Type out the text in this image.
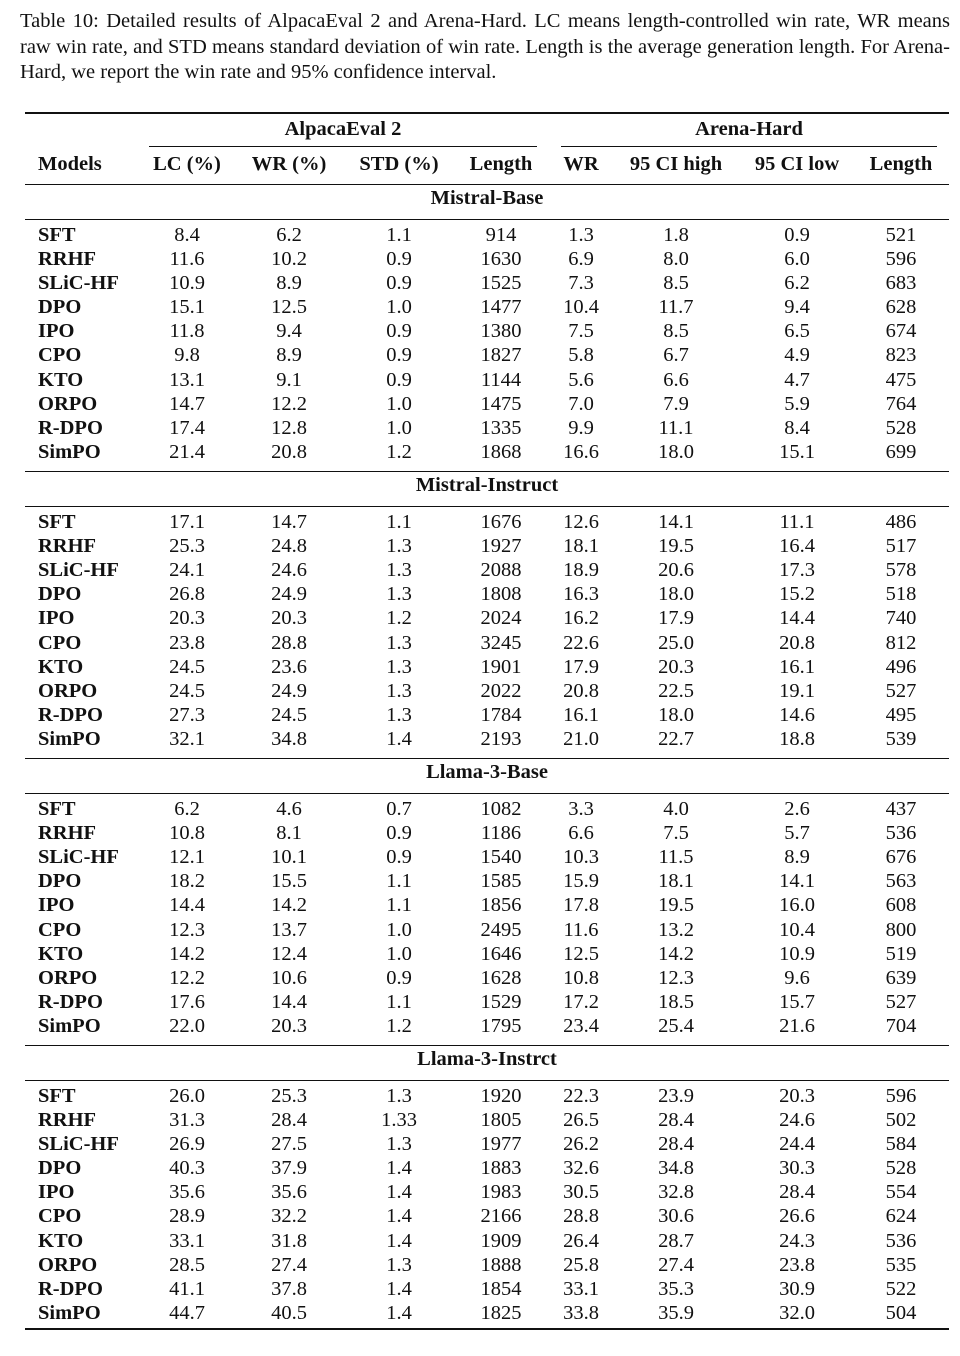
Table 10: Detailed results of AlpacaEval 2 and Arena-Hard. LC means length-controlled win rate, WR means raw win rate, and STD means standard deviation of win rate. Length is the average generation length. For Arena-Hard, we report the win rate and 95% confidence interval.

AlpacaEval 2	Arena-Hard
Models	LC (%)	WR (%)	STD (%)	Length	WR	95 CI high	95 CI low	Length
Mistral-Base
SFT	8.4	6.2	1.1	914	1.3	1.8	0.9	521
RRHF	11.6	10.2	0.9	1630	6.9	8.0	6.0	596
SLiC-HF	10.9	8.9	0.9	1525	7.3	8.5	6.2	683
DPO	15.1	12.5	1.0	1477	10.4	11.7	9.4	628
IPO	11.8	9.4	0.9	1380	7.5	8.5	6.5	674
CPO	9.8	8.9	0.9	1827	5.8	6.7	4.9	823
KTO	13.1	9.1	0.9	1144	5.6	6.6	4.7	475
ORPO	14.7	12.2	1.0	1475	7.0	7.9	5.9	764
R-DPO	17.4	12.8	1.0	1335	9.9	11.1	8.4	528
SimPO	21.4	20.8	1.2	1868	16.6	18.0	15.1	699
Mistral-Instruct
SFT	17.1	14.7	1.1	1676	12.6	14.1	11.1	486
RRHF	25.3	24.8	1.3	1927	18.1	19.5	16.4	517
SLiC-HF	24.1	24.6	1.3	2088	18.9	20.6	17.3	578
DPO	26.8	24.9	1.3	1808	16.3	18.0	15.2	518
IPO	20.3	20.3	1.2	2024	16.2	17.9	14.4	740
CPO	23.8	28.8	1.3	3245	22.6	25.0	20.8	812
KTO	24.5	23.6	1.3	1901	17.9	20.3	16.1	496
ORPO	24.5	24.9	1.3	2022	20.8	22.5	19.1	527
R-DPO	27.3	24.5	1.3	1784	16.1	18.0	14.6	495
SimPO	32.1	34.8	1.4	2193	21.0	22.7	18.8	539
Llama-3-Base
SFT	6.2	4.6	0.7	1082	3.3	4.0	2.6	437
RRHF	10.8	8.1	0.9	1186	6.6	7.5	5.7	536
SLiC-HF	12.1	10.1	0.9	1540	10.3	11.5	8.9	676
DPO	18.2	15.5	1.1	1585	15.9	18.1	14.1	563
IPO	14.4	14.2	1.1	1856	17.8	19.5	16.0	608
CPO	12.3	13.7	1.0	2495	11.6	13.2	10.4	800
KTO	14.2	12.4	1.0	1646	12.5	14.2	10.9	519
ORPO	12.2	10.6	0.9	1628	10.8	12.3	9.6	639
R-DPO	17.6	14.4	1.1	1529	17.2	18.5	15.7	527
SimPO	22.0	20.3	1.2	1795	23.4	25.4	21.6	704
Llama-3-Instrct
SFT	26.0	25.3	1.3	1920	22.3	23.9	20.3	596
RRHF	31.3	28.4	1.33	1805	26.5	28.4	24.6	502
SLiC-HF	26.9	27.5	1.3	1977	26.2	28.4	24.4	584
DPO	40.3	37.9	1.4	1883	32.6	34.8	30.3	528
IPO	35.6	35.6	1.4	1983	30.5	32.8	28.4	554
CPO	28.9	32.2	1.4	2166	28.8	30.6	26.6	624
KTO	33.1	31.8	1.4	1909	26.4	28.7	24.3	536
ORPO	28.5	27.4	1.3	1888	25.8	27.4	23.8	535
R-DPO	41.1	37.8	1.4	1854	33.1	35.3	30.9	522
SimPO	44.7	40.5	1.4	1825	33.8	35.9	32.0	504
